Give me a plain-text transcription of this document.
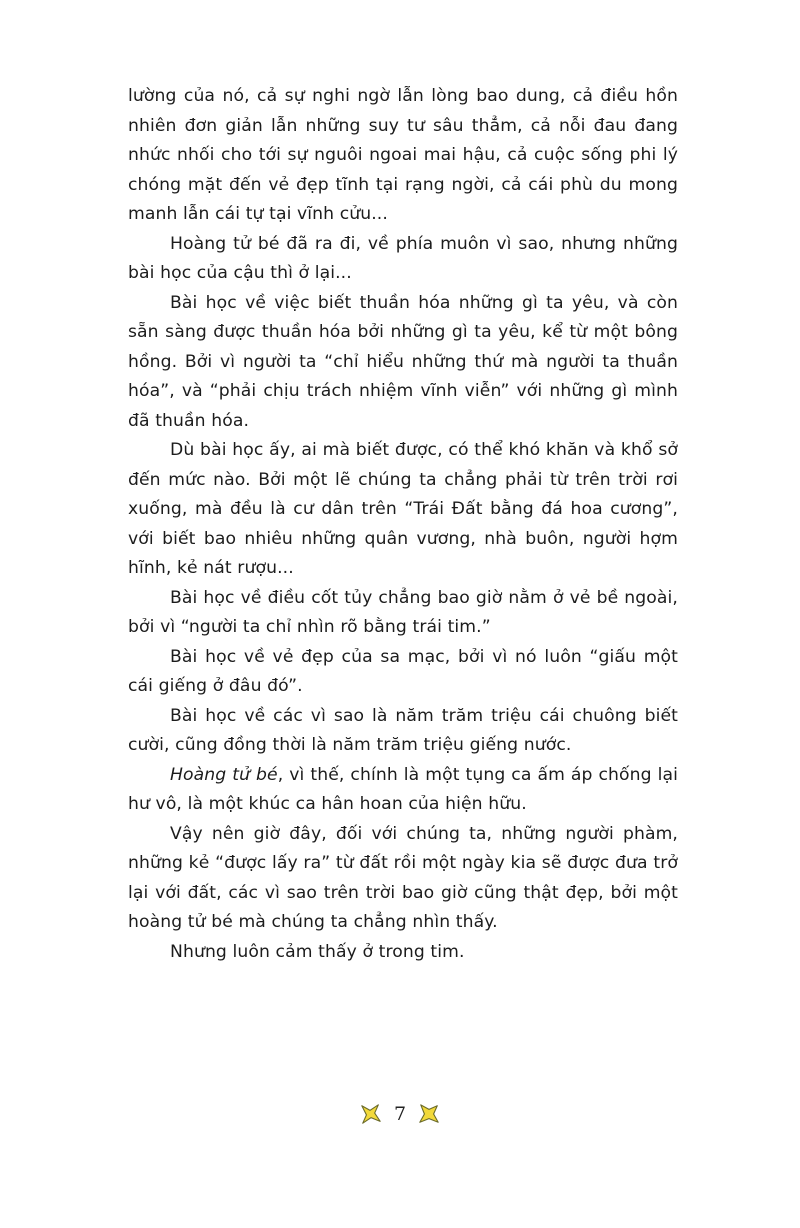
lường của nó, cả sự nghi ngờ lẫn lòng bao dung, cả điều hồn nhiên đơn giản lẫn những suy tư sâu thẳm, cả nỗi đau đang nhức nhối cho tới sự nguôi ngoai mai hậu, cả cuộc sống phi lý chóng mặt đến vẻ đẹp tĩnh tại rạng ngời, cả cái phù du mong manh lẫn cái tự tại vĩnh cửu...

Hoàng tử bé đã ra đi, về phía muôn vì sao, nhưng những bài học của cậu thì ở lại...

Bài học về việc biết thuần hóa những gì ta yêu, và còn sẵn sàng được thuần hóa bởi những gì ta yêu, kể từ một bông hồng. Bởi vì người ta “chỉ hiểu những thứ mà người ta thuần hóa”, và “phải chịu trách nhiệm vĩnh viễn” với những gì mình đã thuần hóa.

Dù bài học ấy, ai mà biết được, có thể khó khăn và khổ sở đến mức nào. Bởi một lẽ chúng ta chẳng phải từ trên trời rơi xuống, mà đều là cư dân trên “Trái Đất bằng đá hoa cương”, với biết bao nhiêu những quân vương, nhà buôn, người hợm hĩnh, kẻ nát rượu...

Bài học về điều cốt tủy chẳng bao giờ nằm ở vẻ bề ngoài, bởi vì “người ta chỉ nhìn rõ bằng trái tim.”

Bài học về vẻ đẹp của sa mạc, bởi vì nó luôn “giấu một cái giếng ở đâu đó”.

Bài học về các vì sao là năm trăm triệu cái chuông biết cười, cũng đồng thời là năm trăm triệu giếng nước.

Hoàng tử bé, vì thế, chính là một tụng ca ấm áp chống lại hư vô, là một khúc ca hân hoan của hiện hữu.

Vậy nên giờ đây, đối với chúng ta, những người phàm, những kẻ “được lấy ra” từ đất rồi một ngày kia sẽ được đưa trở lại với đất, các vì sao trên trời bao giờ cũng thật đẹp, bởi một hoàng tử bé mà chúng ta chẳng nhìn thấy.

Nhưng luôn cảm thấy ở trong tim.

7
